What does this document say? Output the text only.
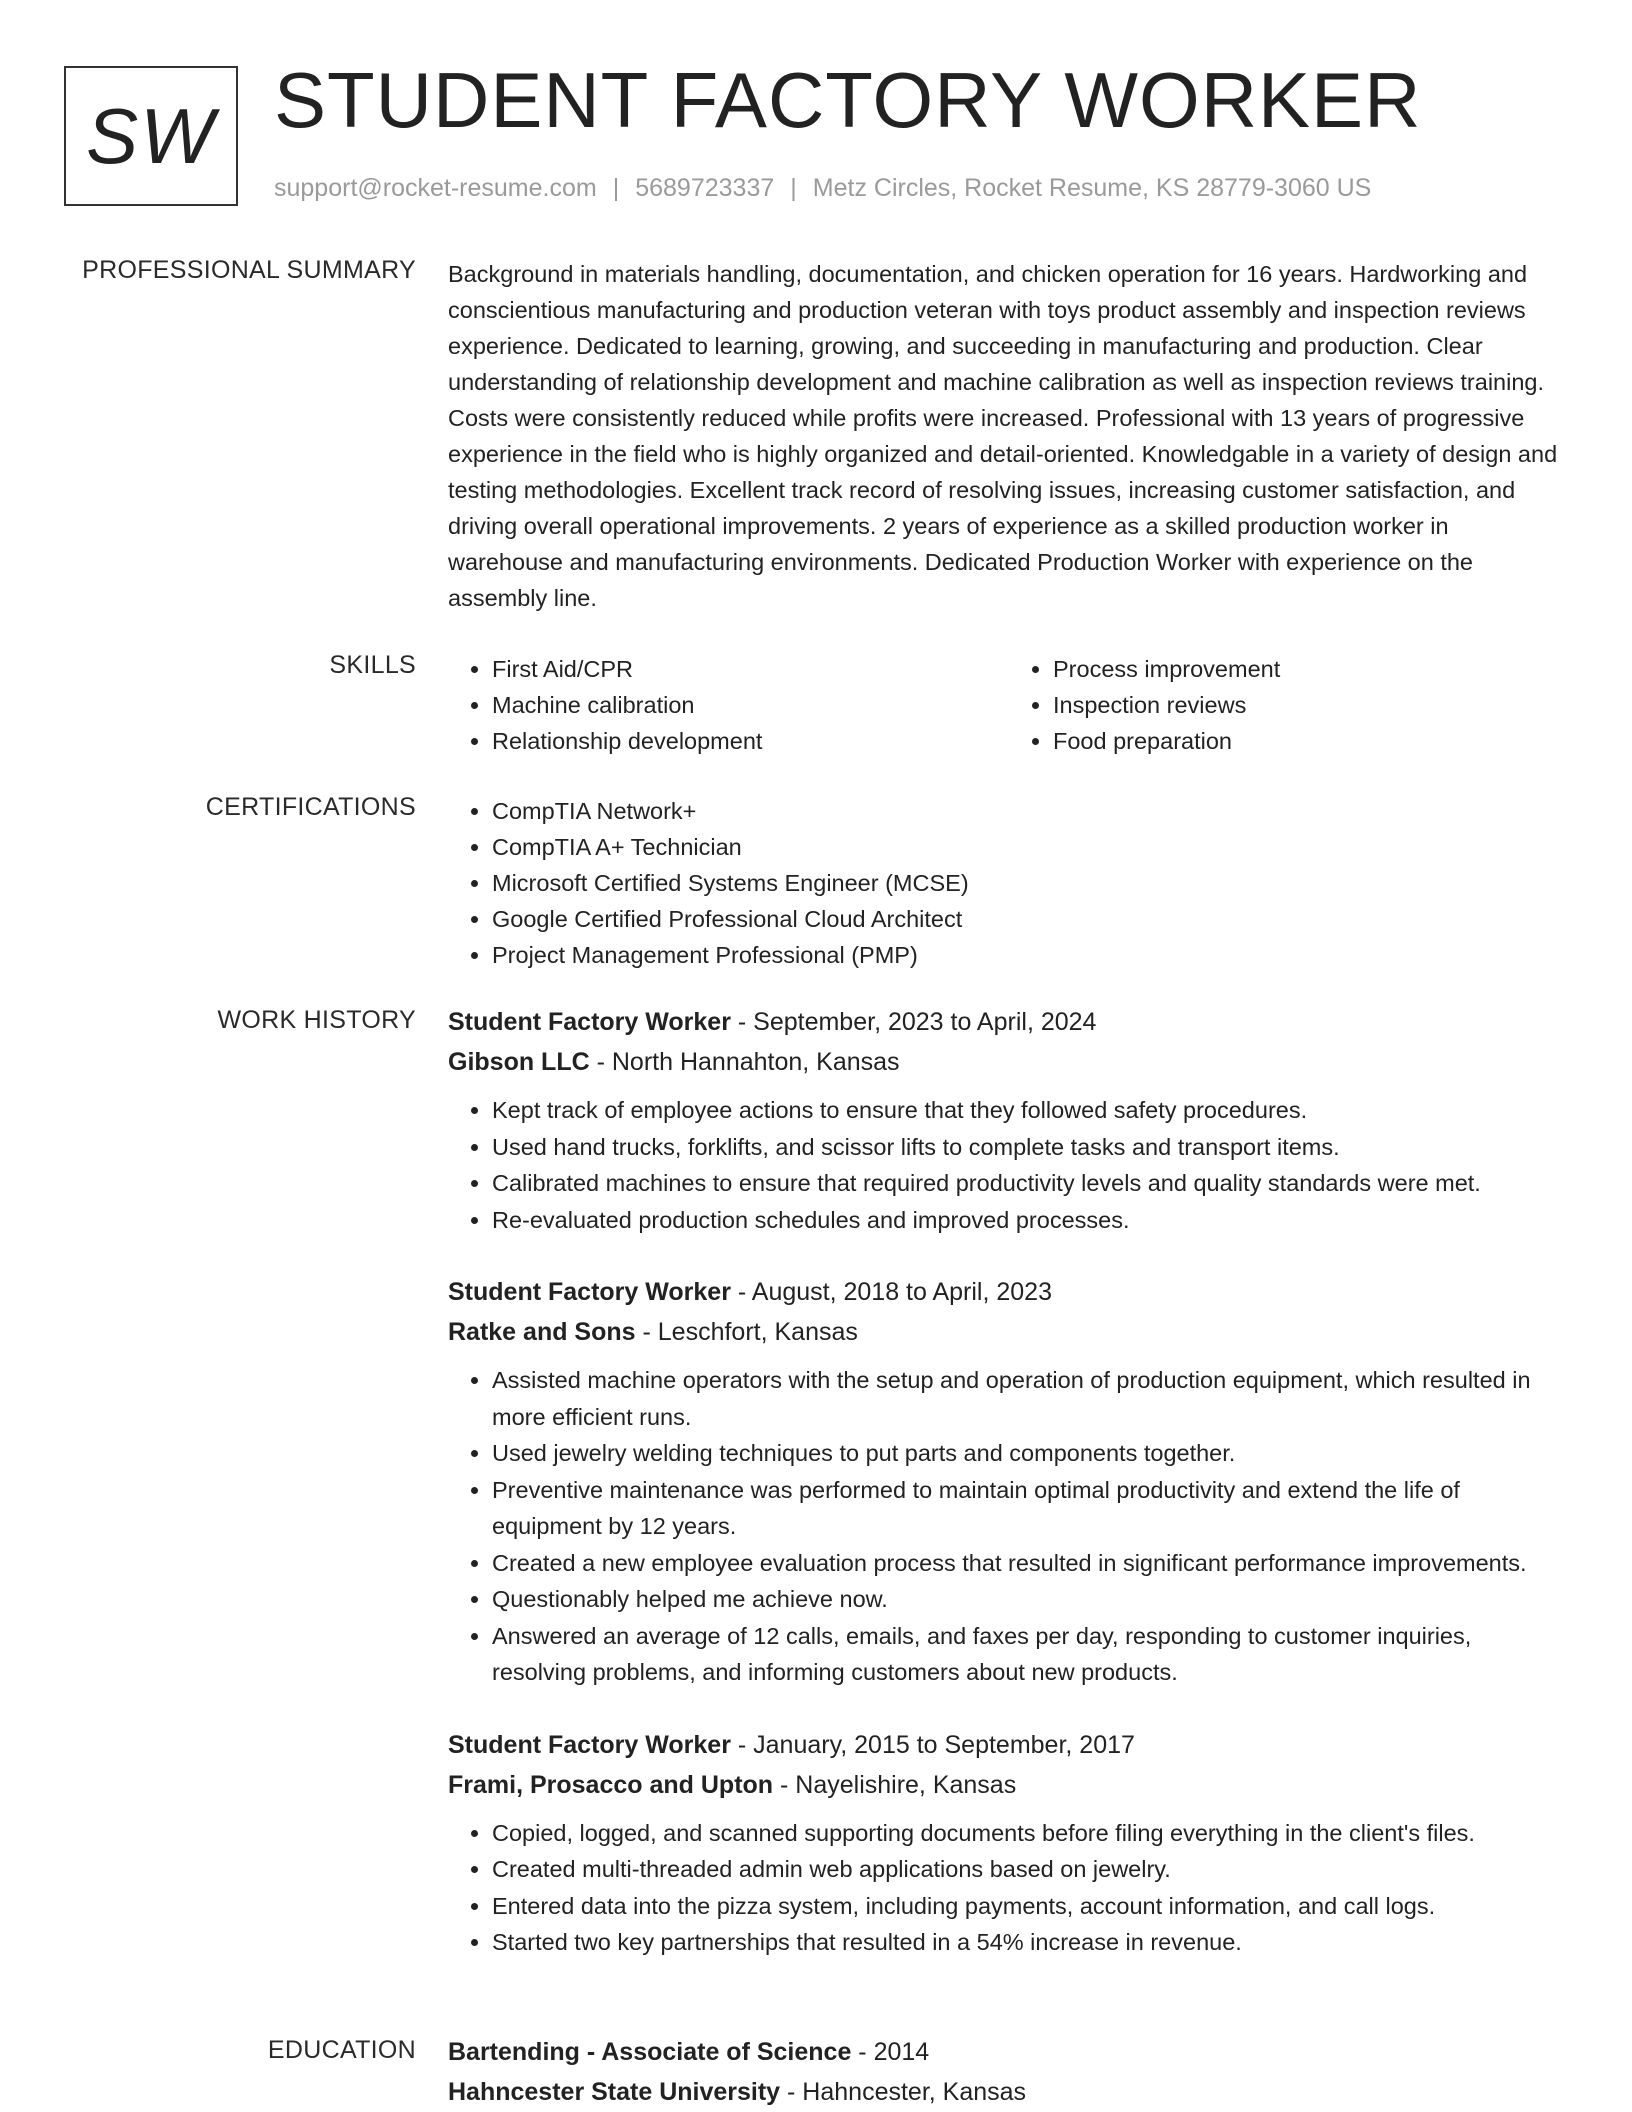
SW STUDENT FACTORY WORKER
support@rocket-resume.com | 5689723337 | Metz Circles, Rocket Resume, KS 28779-3060 US
PROFESSIONAL SUMMARY Background in materials handling, documentation, and chicken operation for 16 years. Hardworking and conscientious manufacturing and production veteran with toys product assembly and inspection reviews experience. Dedicated to learning, growing, and succeeding in manufacturing and production. Clear understanding of relationship development and machine calibration as well as inspection reviews training. Costs were consistently reduced while profits were increased. Professional with 13 years of progressive experience in the field who is highly organized and detail-oriented. Knowledgable in a variety of design and testing methodologies. Excellent track record of resolving issues, increasing customer satisfaction, and driving overall operational improvements. 2 years of experience as a skilled production worker in warehouse and manufacturing environments. Dedicated Production Worker with experience on the assembly line.

SKILLS	• First Aid/CPR
• Machine calibration
• Relationship development
• Process improvement
• Inspection reviews
• Food preparation
CERTIFICATIONS	• CompTIA Network+
• CompTIA A+ Technician
• Microsoft Certified Systems Engineer (MCSE)
• Google Certified Professional Cloud Architect
• Project Management Professional (PMP)
WORK HISTORY Student Factory Worker - September, 2023 to April, 2024
Gibson LLC - North Hannahton, Kansas
• Kept track of employee actions to ensure that they followed safety procedures.
• Used hand trucks, forklifts, and scissor lifts to complete tasks and transport items.
• Calibrated machines to ensure that required productivity levels and quality standards were met.
• Re-evaluated production schedules and improved processes.
Student Factory Worker - August, 2018 to April, 2023
Ratke and Sons - Leschfort, Kansas
• Assisted machine operators with the setup and operation of production equipment, which resulted in more efficient runs.
• Used jewelry welding techniques to put parts and components together.
• Preventive maintenance was performed to maintain optimal productivity and extend the life of equipment by 12 years.
• Created a new employee evaluation process that resulted in significant performance improvements.
• Questionably helped me achieve now.
• Answered an average of 12 calls, emails, and faxes per day, responding to customer inquiries, resolving problems, and informing customers about new products.
Student Factory Worker - January, 2015 to September, 2017
Frami, Prosacco and Upton - Nayelishire, Kansas
• Copied, logged, and scanned supporting documents before filing everything in the client's files.
• Created multi-threaded admin web applications based on jewelry.
• Entered data into the pizza system, including payments, account information, and call logs.
• Started two key partnerships that resulted in a 54% increase in revenue.
EDUCATION Bartending - Associate of Science - 2014
Hahncester State University - Hahncester, Kansas
